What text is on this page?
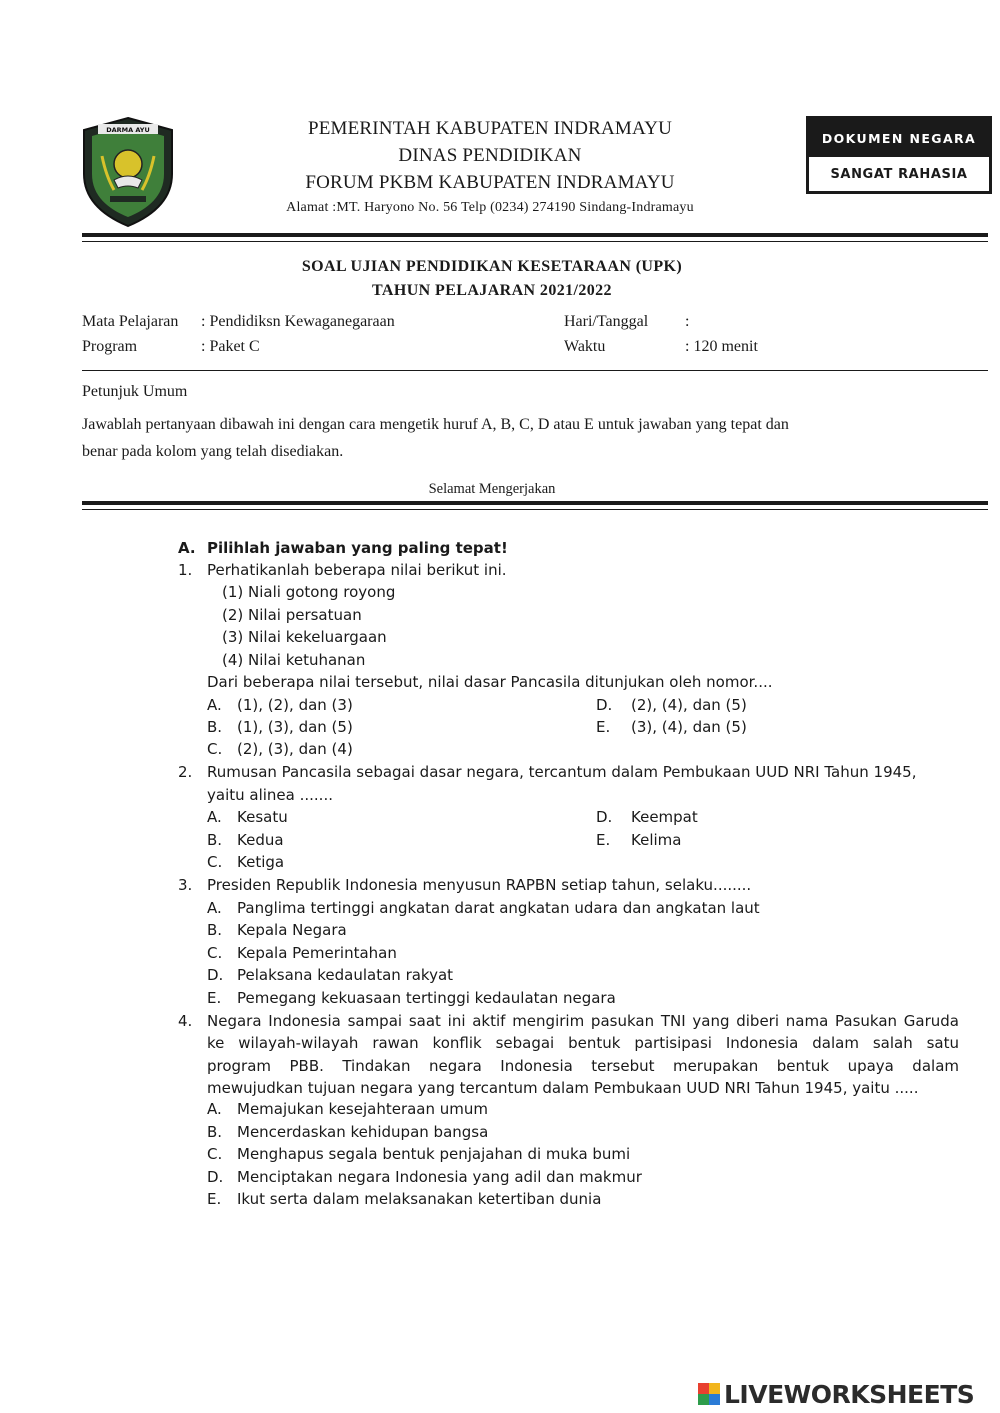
DARMA AYU	PEMERINTAH KABUPATEN INDRAMAYU
DINAS PENDIDIKAN
FORUM PKBM KABUPATEN INDRAMAYU
Alamat :MT. Haryono No. 56 Telp (0234) 274190 Sindang-Indramayu
DOKUMEN NEGARA
SANGAT RAHASIA
SOAL UJIAN PENDIDIKAN KESETARAAN (UPK)
TAHUN PELAJARAN 2021/2022
Mata Pelajaran : Pendidiksn Kewaganegaraan
Program	: Paket C
Hari/Tanggal :
Waktu	: 120 menit
Petunjuk Umum
Jawablah pertanyaan dibawah ini dengan cara mengetik huruf A, B, C, D atau E untuk jawaban yang tepat dan
benar pada kolom yang telah disediakan.
Selamat Mengerjakan
A. Pilihlah jawaban yang paling tepat!
1. Perhatikanlah beberapa nilai berikut ini.
(1) Niali gotong royong
(2) Nilai persatuan
(3) Nilai kekeluargaan
(4) Nilai ketuhanan
Dari beberapa nilai tersebut, nilai dasar Pancasila ditunjukan oleh nomor....
A. (1), (2), dan (3)
B. (1), (3), dan (5)
C. (2), (3), dan (4)
D. (2), (4), dan (5)
E. (3), (4), dan (5)
2. Rumusan Pancasila sebagai dasar negara, tercantum dalam Pembukaan UUD NRI Tahun 1945,
yaitu alinea .......
A. Kesatu
B. Kedua
C. Ketiga
D. Keempat
E. Kelima
3. Presiden Republik Indonesia menyusun RAPBN setiap tahun, selaku........
A. Panglima tertinggi angkatan darat angkatan udara dan angkatan laut
B. Kepala Negara
C. Kepala Pemerintahan
D. Pelaksana kedaulatan rakyat
E. Pemegang kekuasaan tertinggi kedaulatan negara
4. Negara Indonesia sampai saat ini aktif mengirim pasukan TNI yang diberi nama Pasukan Garuda
ke wilayah-wilayah rawan konflik sebagai bentuk partisipasi Indonesia dalam salah satu
program PBB. Tindakan negara Indonesia tersebut merupakan bentuk upaya dalam
mewujudkan tujuan negara yang tercantum dalam Pembukaan UUD NRI Tahun 1945, yaitu .....
A. Memajukan kesejahteraan umum
B. Mencerdaskan kehidupan bangsa
C. Menghapus segala bentuk penjajahan di muka bumi
D. Menciptakan negara Indonesia yang adil dan makmur
E. Ikut serta dalam melaksanakan ketertiban dunia
LIVEWORKSHEETS
